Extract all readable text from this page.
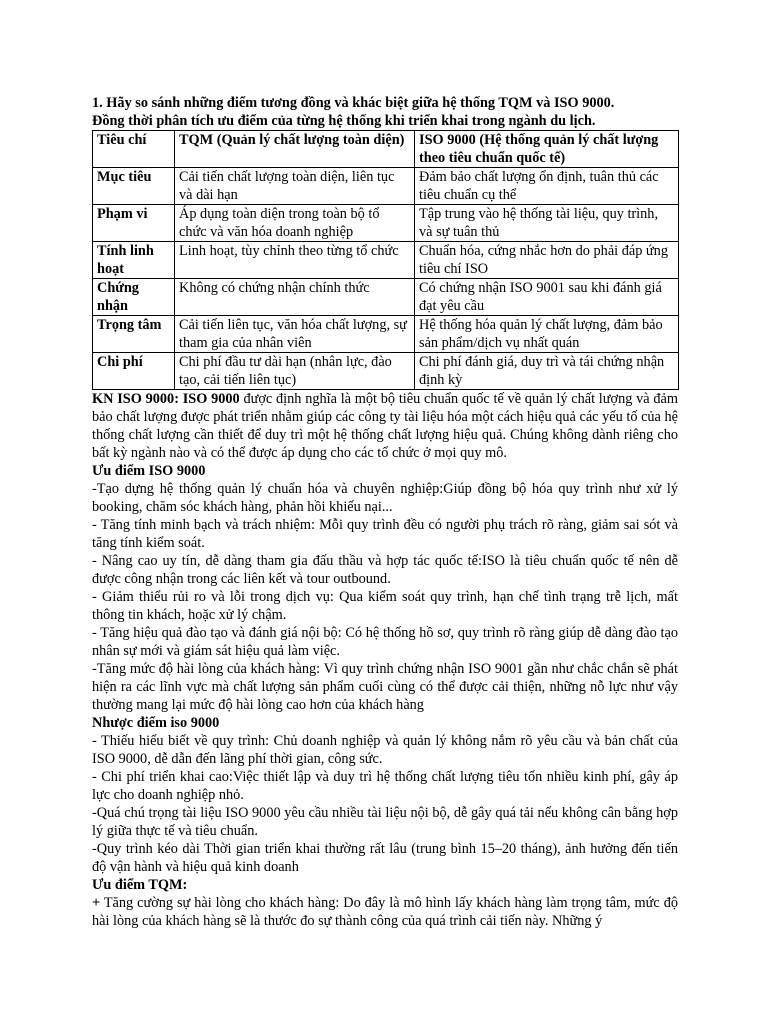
1. Hãy so sánh những điểm tương đồng và khác biệt giữa hệ thống TQM và ISO 9000.

Đồng thời phân tích ưu điểm của từng hệ thống khi triển khai trong ngành du lịch.

Tiêu chí	TQM (Quản lý chất lượng toàn diện)	ISO 9000 (Hệ thống quản lý chất lượng theo tiêu chuẩn quốc tế)
Mục tiêu	Cải tiến chất lượng toàn diện, liên tục và dài hạn	Đảm bảo chất lượng ổn định, tuân thủ các tiêu chuẩn cụ thể
Phạm vi	Áp dụng toàn diện trong toàn bộ tổ chức và văn hóa doanh nghiệp	Tập trung vào hệ thống tài liệu, quy trình, và sự tuân thủ
Tính linh hoạt	Linh hoạt, tùy chỉnh theo từng tổ chức	Chuẩn hóa, cứng nhắc hơn do phải đáp ứng tiêu chí ISO
Chứng nhận	Không có chứng nhận chính thức	Có chứng nhận ISO 9001 sau khi đánh giá đạt yêu cầu
Trọng tâm	Cải tiến liên tục, văn hóa chất lượng, sự tham gia của nhân viên	Hệ thống hóa quản lý chất lượng, đảm bảo sản phẩm/dịch vụ nhất quán
Chi phí	Chi phí đầu tư dài hạn (nhân lực, đào tạo, cải tiến liên tục)	Chi phí đánh giá, duy trì và tái chứng nhận định kỳ

KN ISO 9000: ISO 9000 được định nghĩa là một bộ tiêu chuẩn quốc tế về quản lý chất lượng và đảm bảo chất lượng được phát triển nhằm giúp các công ty tài liệu hóa một cách hiệu quả các yếu tố của hệ thống chất lượng cần thiết để duy trì một hệ thống chất lượng hiệu quả. Chúng không dành riêng cho bất kỳ ngành nào và có thể được áp dụng cho các tổ chức ở mọi quy mô.

Ưu điểm ISO 9000

-Tạo dựng hệ thống quản lý chuẩn hóa và chuyên nghiệp:Giúp đồng bộ hóa quy trình như xử lý booking, chăm sóc khách hàng, phản hồi khiếu nại...

- Tăng tính minh bạch và trách nhiệm: Mỗi quy trình đều có người phụ trách rõ ràng, giảm sai sót và tăng tính kiểm soát.

- Nâng cao uy tín, dễ dàng tham gia đấu thầu và hợp tác quốc tế:ISO là tiêu chuẩn quốc tế nên dễ được công nhận trong các liên kết và tour outbound.

- Giảm thiểu rủi ro và lỗi trong dịch vụ: Qua kiểm soát quy trình, hạn chế tình trạng trễ lịch, mất thông tin khách, hoặc xử lý chậm.

- Tăng hiệu quả đào tạo và đánh giá nội bộ: Có hệ thống hồ sơ, quy trình rõ ràng giúp dễ dàng đào tạo nhân sự mới và giám sát hiệu quả làm việc.

-Tăng mức độ hài lòng của khách hàng: Vì quy trình chứng nhận ISO 9001 gần như chắc chắn sẽ phát hiện ra các lĩnh vực mà chất lượng sản phẩm cuối cùng có thể được cải thiện, những nỗ lực như vậy thường mang lại mức độ hài lòng cao hơn của khách hàng

Nhược điểm iso 9000

- Thiếu hiểu biết về quy trình: Chủ doanh nghiệp và quản lý không nắm rõ yêu cầu và bản chất của ISO 9000, dễ dẫn đến lãng phí thời gian, công sức.

- Chi phí triển khai cao:Việc thiết lập và duy trì hệ thống chất lượng tiêu tốn nhiều kinh phí, gây áp lực cho doanh nghiệp nhỏ.

-Quá chú trọng tài liệu ISO 9000 yêu cầu nhiều tài liệu nội bộ, dễ gây quá tải nếu không cân bằng hợp lý giữa thực tế và tiêu chuẩn.

-Quy trình kéo dài Thời gian triển khai thường rất lâu (trung bình 15–20 tháng), ảnh hưởng đến tiến độ vận hành và hiệu quả kinh doanh

Ưu điểm TQM:

+ Tăng cường sự hài lòng cho khách hàng: Do đây là mô hình lấy khách hàng làm trọng tâm, mức độ hài lòng của khách hàng sẽ là thước đo sự thành công của quá trình cải tiến này. Những ý
